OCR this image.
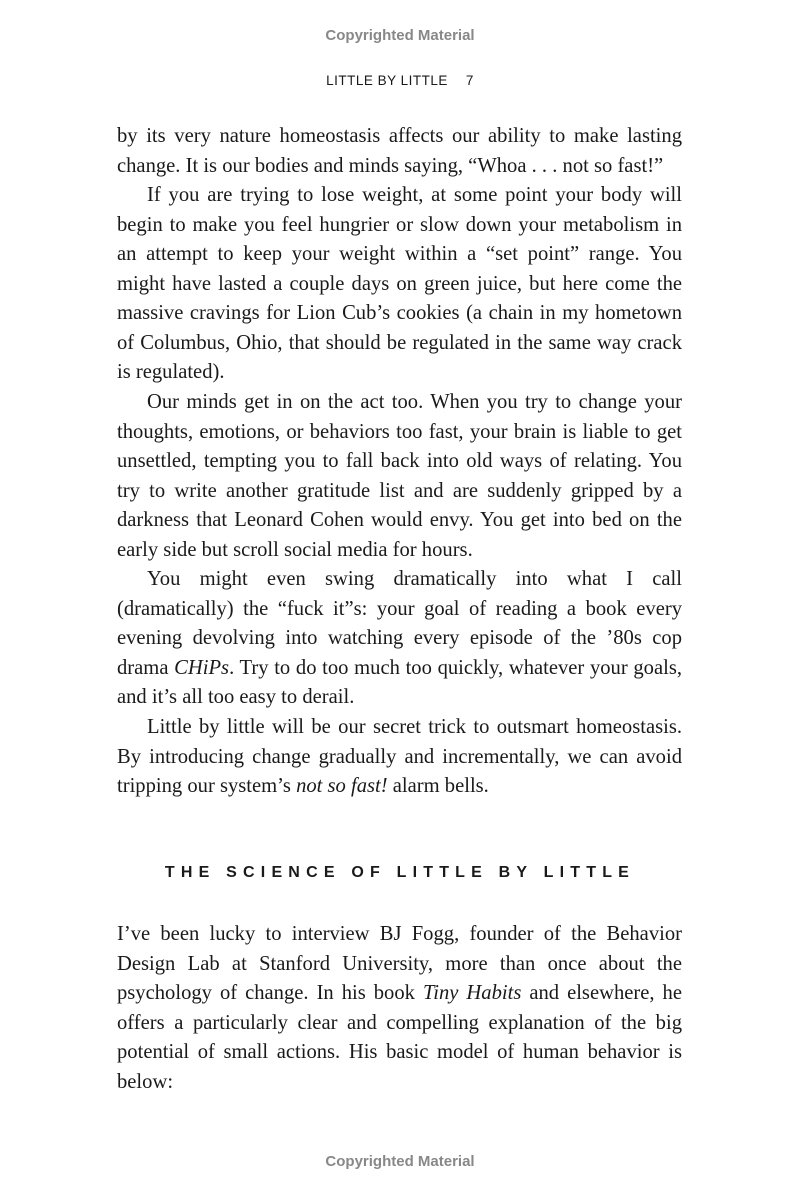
Copyrighted Material
LITTLE BY LITTLE 7

by its very nature homeostasis affects our ability to make lasting change. It is our bodies and minds saying, “Whoa . . . not so fast!”

If you are trying to lose weight, at some point your body will begin to make you feel hungrier or slow down your metabolism in an attempt to keep your weight within a “set point” range. You might have lasted a couple days on green juice, but here come the massive cravings for Lion Cub’s cookies (a chain in my hometown of Columbus, Ohio, that should be regulated in the same way crack is regulated).

Our minds get in on the act too. When you try to change your thoughts, emotions, or behaviors too fast, your brain is liable to get unsettled, tempting you to fall back into old ways of relating. You try to write another gratitude list and are suddenly gripped by a darkness that Leonard Cohen would envy. You get into bed on the early side but scroll social media for hours.

You might even swing dramatically into what I call (dramatically) the “fuck it”s: your goal of reading a book every evening devolving into watching every episode of the ’80s cop drama CHiPs. Try to do too much too quickly, whatever your goals, and it’s all too easy to derail.

Little by little will be our secret trick to outsmart homeostasis. By introducing change gradually and incrementally, we can avoid tripping our system’s not so fast! alarm bells.

THE SCIENCE OF LITTLE BY LITTLE

I’ve been lucky to interview BJ Fogg, founder of the Behavior Design Lab at Stanford University, more than once about the psychology of change. In his book Tiny Habits and elsewhere, he offers a particularly clear and compelling explanation of the big potential of small actions. His basic model of human behavior is below:

Copyrighted Material
